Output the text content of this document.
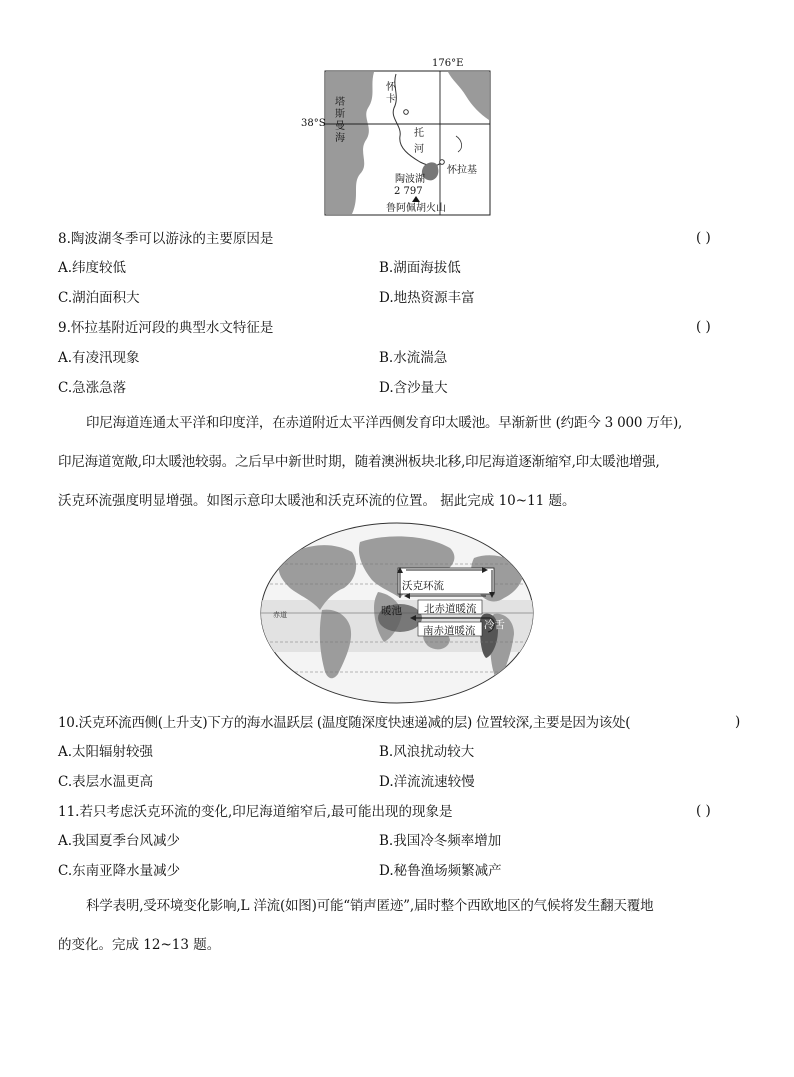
176°E
38°S
塔
斯
曼
海
怀
卡
托
河
怀拉基
陶波湖
2 797
鲁阿佩胡火山
8.陶波湖冬季可以游泳的主要原因是	( )
A.纬度较低	B.湖面海拔低
C.湖泊面积大	D.地热资源丰富
9.怀拉基附近河段的典型水文特征是	( )
A.有凌汛现象	B.水流湍急
C.急涨急落	D.含沙量大
印尼海道连通太平洋和印度洋，在赤道附近太平洋西侧发育印太暖池。早渐新世 (约距今 3 000 万年),
印尼海道宽敞,印太暖池较弱。之后早中新世时期，随着澳洲板块北移,印尼海道逐渐缩窄,印太暖池增强,
沃克环流强度明显增强。如图示意印太暖池和沃克环流的位置。 据此完成 10~11 题。
赤道
沃克环流
暖池 北赤道暖流
南赤道暖流 冷舌
10.沃克环流西侧(上升支)下方的海水温跃层 (温度随深度快速递减的层) 位置较深,主要是因为该处(	)
A.太阳辐射较强	B.风浪扰动较大
C.表层水温更高	D.洋流流速较慢
11.若只考虑沃克环流的变化,印尼海道缩窄后,最可能出现的现象是	( )
A.我国夏季台风减少	B.我国冷冬频率增加
C.东南亚降水量减少	D.秘鲁渔场频繁减产
科学表明,受环境变化影响,L 洋流(如图)可能“销声匿迹”,届时整个西欧地区的气候将发生翻天覆地
的变化。完成 12~13 题。
